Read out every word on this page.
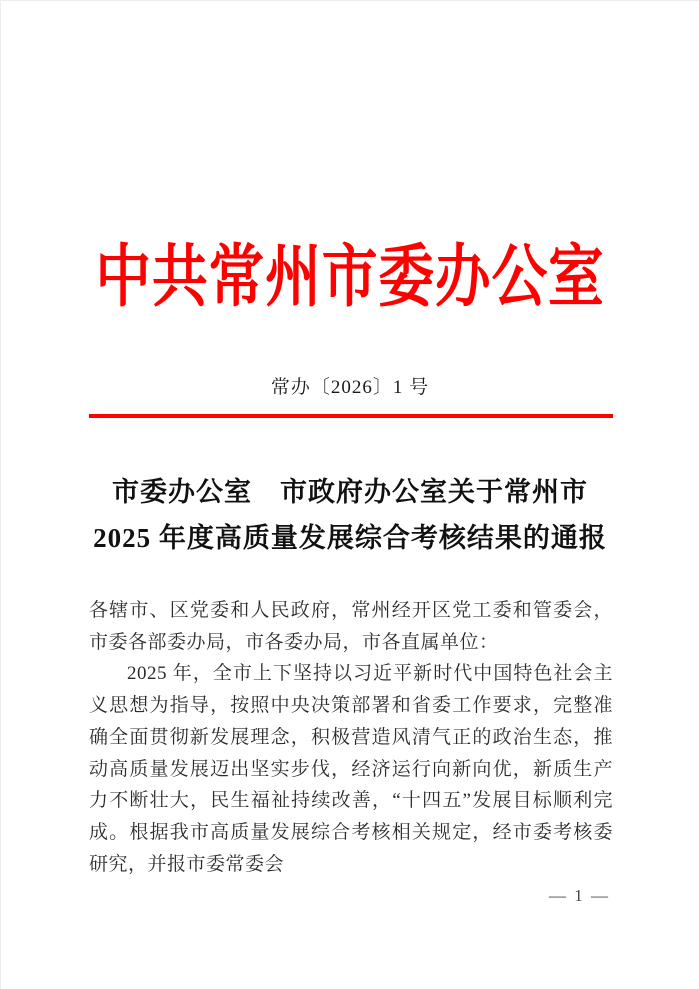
中共常州市委办公室
常办〔2026〕1 号
市委办公室　市政府办公室关于常州市
2025 年度高质量发展综合考核结果的通报

各辖市、区党委和人民政府，常州经开区党工委和管委会，市委各部委办局，市各委办局，市各直属单位：

2025 年，全市上下坚持以习近平新时代中国特色社会主义思想为指导，按照中央决策部署和省委工作要求，完整准确全面贯彻新发展理念，积极营造风清气正的政治生态，推动高质量发展迈出坚实步伐，经济运行向新向优，新质生产力不断壮大，民生福祉持续改善，“十四五”发展目标顺利完成。根据我市高质量发展综合考核相关规定，经市委考核委研究，并报市委常委会

— 1 —
